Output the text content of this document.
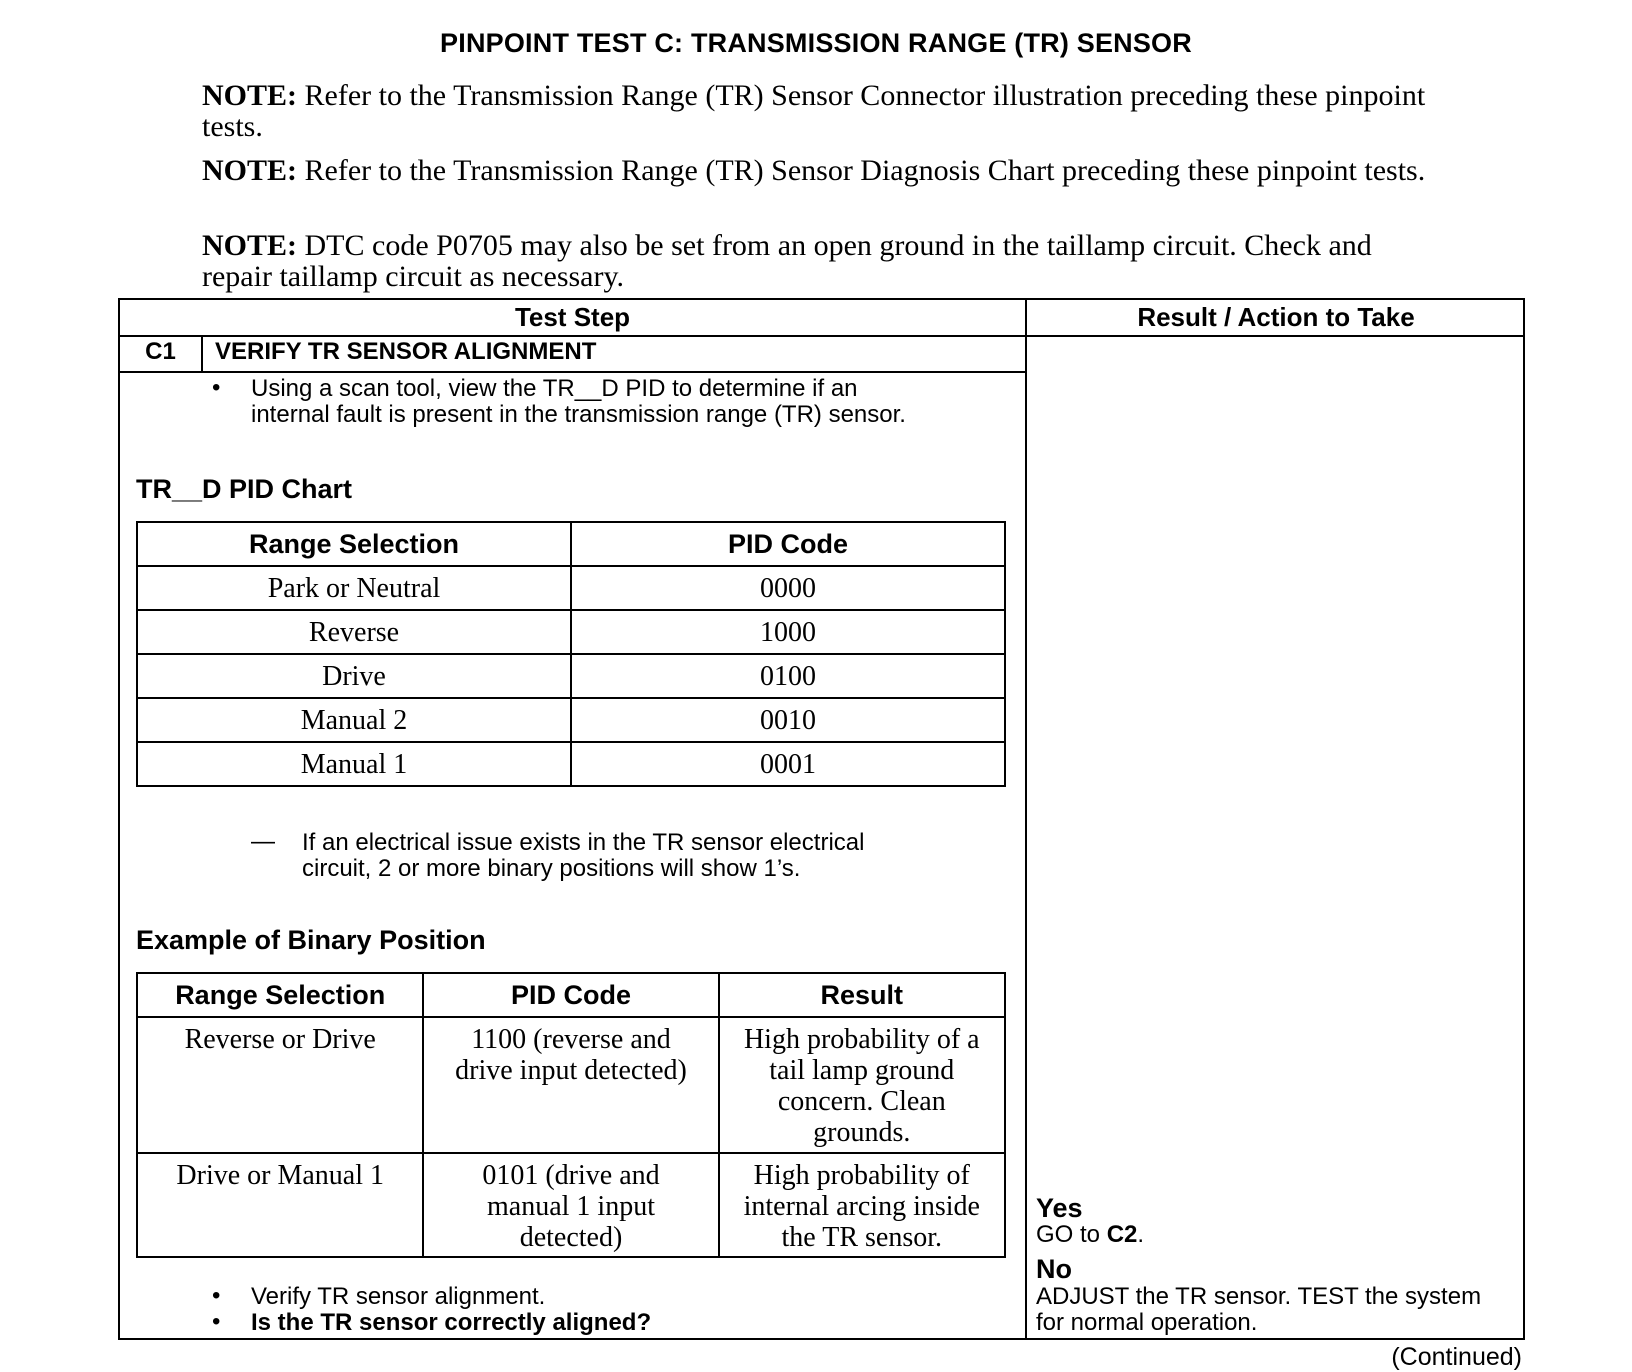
PINPOINT TEST C: TRANSMISSION RANGE (TR) SENSOR
NOTE: Refer to the Transmission Range (TR) Sensor Connector illustration preceding these pinpoint tests.
NOTE: Refer to the Transmission Range (TR) Sensor Diagnosis Chart preceding these pinpoint tests.
NOTE: DTC code P0705 may also be set from an open ground in the taillamp circuit. Check and repair taillamp circuit as necessary.
Test Step	Result / Action to Take
C1	VERIFY TR SENSOR ALIGNMENT
• Using a scan tool, view the TR__D PID to determine if an
internal fault is present in the transmission range (TR) sensor.
TR__D PID Chart
Range Selection	PID Code
Park or Neutral	0000
Reverse	1000
Drive	0100
Manual 2	0010
Manual 1	0001
— If an electrical issue exists in the TR sensor electrical
circuit, 2 or more binary positions will show 1’s.
Example of Binary Position
Range Selection	PID Code	Result
Reverse or Drive	1100 (reverse and drive input detected)	High probability of a tail lamp ground concern. Clean grounds.
Drive or Manual 1	0101 (drive and manual 1 input detected)	High probability of internal arcing inside the TR sensor.
• Verify TR sensor alignment.
• Is the TR sensor correctly aligned?
Yes
GO to C2.
No
ADJUST the TR sensor. TEST the system
for normal operation.
(Continued)
